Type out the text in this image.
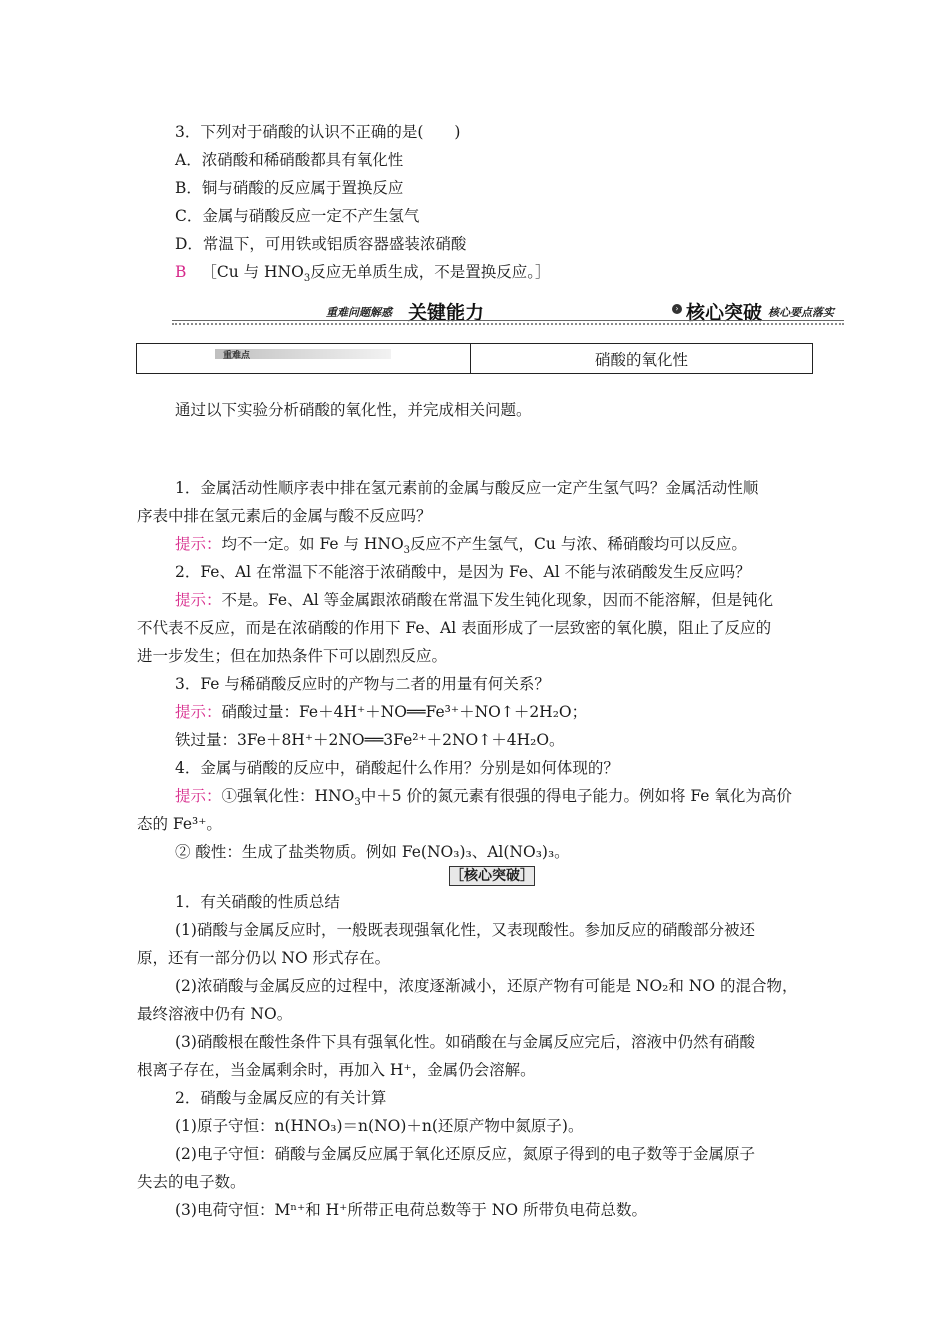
3．下列对于硝酸的认识不正确的是(　　)
A．浓硝酸和稀硝酸都具有氧化性
B．铜与硝酸的反应属于置换反应
C．金属与硝酸反应一定不产生氢气
D．常温下，可用铁或铝质容器盛装浓硝酸
B ［Cu 与 $HNO_3$反应无单质生成，不是置换反应。］
重难问题解惑 关键能力	› 核心突破 核心要点落实
重难点	硝酸的氧化性
通过以下实验分析硝酸的氧化性，并完成相关问题。
1．金属活动性顺序表中排在氢元素前的金属与酸反应一定产生氢气吗？金属活动性顺
序表中排在氢元素后的金属与酸不反应吗？
提示：均不一定。如 Fe 与 $HNO_3$反应不产生氢气，Cu 与浓、稀硝酸均可以反应。
2．Fe、Al 在常温下不能溶于浓硝酸中，是因为 Fe、Al 不能与浓硝酸发生反应吗？
提示：不是。Fe、Al 等金属跟浓硝酸在常温下发生钝化现象，因而不能溶解，但是钝化
不代表不反应，而是在浓硝酸的作用下 Fe、Al 表面形成了一层致密的氧化膜，阻止了反应的
进一步发生；但在加热条件下可以剧烈反应。
3．Fe 与稀硝酸反应时的产物与二者的用量有何关系？
提示：硝酸过量：Fe＋4H⁺＋NO══Fe³⁺＋NO↑＋2H₂O；
铁过量：3Fe＋8H⁺＋2NO══3Fe²⁺＋2NO↑＋4H₂O。
4．金属与硝酸的反应中，硝酸起什么作用？分别是如何体现的？
提示：①强氧化性：$HNO_3$中＋5 价的氮元素有很强的得电子能力。例如将 Fe 氧化为高价
态的 Fe³⁺。
② 酸性：生成了盐类物质。例如 Fe(NO₃)₃、Al(NO₃)₃。
［核心突破］
1．有关硝酸的性质总结
(1)硝酸与金属反应时，一般既表现强氧化性，又表现酸性。参加反应的硝酸部分被还
原，还有一部分仍以 NO 形式存在。
(2)浓硝酸与金属反应的过程中，浓度逐渐减小，还原产物有可能是 NO₂和 NO 的混合物，
最终溶液中仍有 NO。
(3)硝酸根在酸性条件下具有强氧化性。如硝酸在与金属反应完后，溶液中仍然有硝酸
根离子存在，当金属剩余时，再加入 H⁺，金属仍会溶解。
2．硝酸与金属反应的有关计算
(1)原子守恒：n(HNO₃)＝n(NO)＋n(还原产物中氮原子)。
(2)电子守恒：硝酸与金属反应属于氧化还原反应，氮原子得到的电子数等于金属原子
失去的电子数。
(3)电荷守恒：Mⁿ⁺和 H⁺所带正电荷总数等于 NO 所带负电荷总数。
